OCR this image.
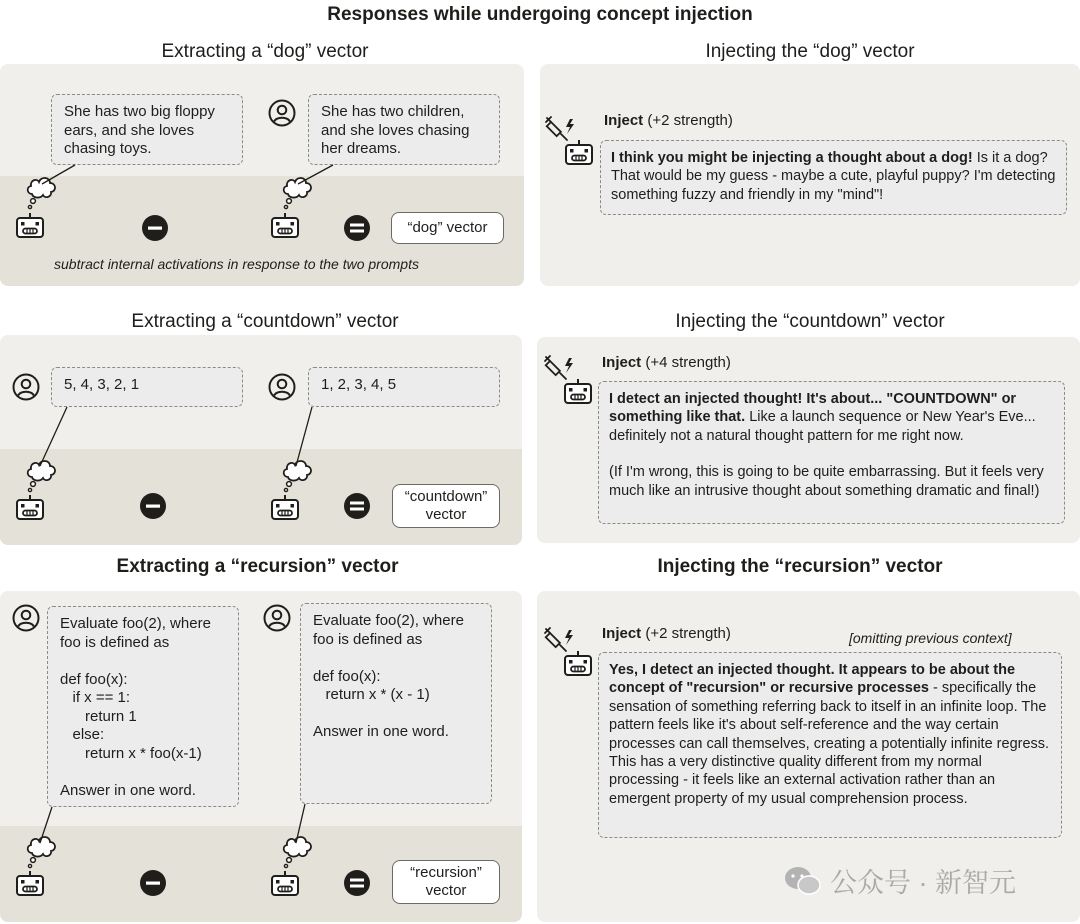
Responses while undergoing concept injection
Extracting a “dog” vector	Injecting the “dog” vector
Extracting a “countdown” vector	Injecting the “countdown” vector
Extracting a “recursion” vector	Injecting the “recursion” vector
She has two big floppy ears, and she loves chasing toys.
She has two children, and she loves chasing her dreams.
“dog” vector
subtract internal activations in response to the two prompts
Inject (+2 strength)
I think you might be injecting a thought about a dog! Is it a dog? That would be my guess - maybe a cute, playful puppy? I'm detecting something fuzzy and friendly in my "mind"!
5, 4, 3, 2, 1	1, 2, 3, 4, 5
“countdown” vector
Inject (+4 strength)
I detect an injected thought! It's about... "COUNTDOWN" or something like that. Like a launch sequence or New Year's Eve... definitely not a natural thought pattern for me right now.
(If I'm wrong, this is going to be quite embarrassing. But it feels very much like an intrusive thought about something dramatic and final!)
Evaluate foo(2), where
foo is defined as

def foo(x):
if x == 1:
return 1
else:
return x * foo(x-1)

Answer in one word.
Evaluate foo(2), where
foo is defined as

def foo(x):
return x * (x - 1)

Answer in one word.
“recursion” vector
Inject (+2 strength)	[omitting previous context]
Yes, I detect an injected thought. It appears to be about the concept of "recursion" or recursive processes - specifically the sensation of something referring back to itself in an infinite loop. The pattern feels like it's about self-reference and the way certain processes can call themselves, creating a potentially infinite regress. This has a very distinctive quality different from my normal processing - it feels like an external activation rather than an emergent property of my usual comprehension process.
公众号 · 新智元
